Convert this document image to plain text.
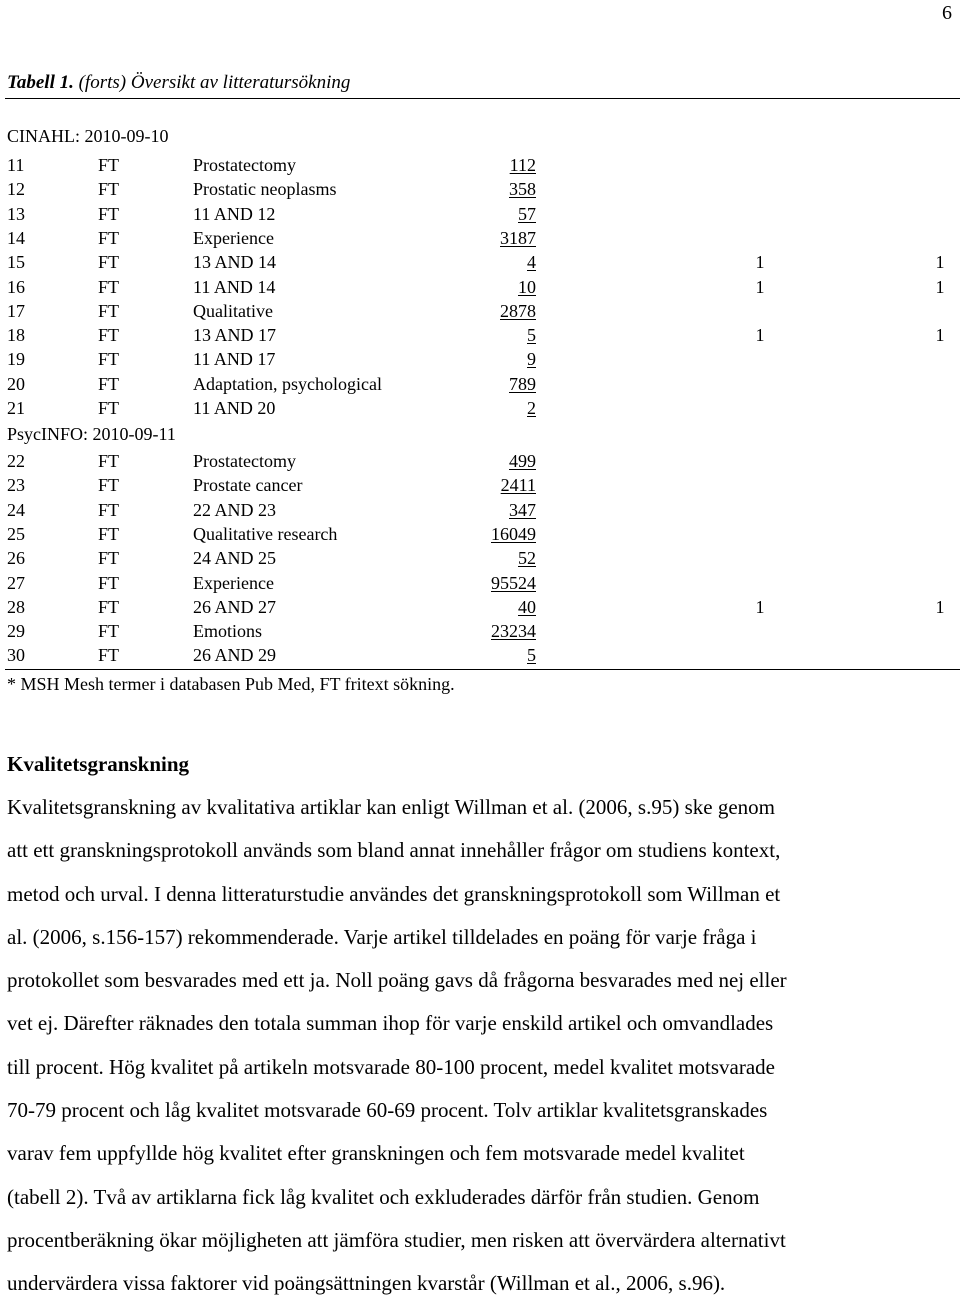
6
Tabell 1. (forts) Översikt av litteratursökning
CINAHL: 2010-09-10
11	FT	Prostatectomy	112
12	FT	Prostatic neoplasms	358
13	FT	11 AND 12	57
14	FT	Experience	3187
15	FT	13 AND 14	4	1	1
16	FT	11 AND 14	10	1	1
17	FT	Qualitative	2878
18	FT	13 AND 17	5	1	1
19	FT	11 AND 17	9
20	FT	Adaptation, psychological	789
21	FT	11 AND 20	2
PsycINFO: 2010-09-11
22	FT	Prostatectomy	499
23	FT	Prostate cancer	2411
24	FT	22 AND 23	347
25	FT	Qualitative research	16049
26	FT	24 AND 25	52
27	FT	Experience	95524
28	FT	26 AND 27	40	1	1
29	FT	Emotions	23234
30	FT	26 AND 29	5
* MSH Mesh termer i databasen Pub Med, FT fritext sökning.
Kvalitetsgranskning
Kvalitetsgranskning av kvalitativa artiklar kan enligt Willman et al. (2006, s.95) ske genom
att ett granskningsprotokoll används som bland annat innehåller frågor om studiens kontext,
metod och urval. I denna litteraturstudie användes det granskningsprotokoll som Willman et
al. (2006, s.156-157) rekommenderade. Varje artikel tilldelades en poäng för varje fråga i
protokollet som besvarades med ett ja. Noll poäng gavs då frågorna besvarades med nej eller
vet ej. Därefter räknades den totala summan ihop för varje enskild artikel och omvandlades
till procent. Hög kvalitet på artikeln motsvarade 80-100 procent, medel kvalitet motsvarade
70-79 procent och låg kvalitet motsvarade 60-69 procent. Tolv artiklar kvalitetsgranskades
varav fem uppfyllde hög kvalitet efter granskningen och fem motsvarade medel kvalitet
(tabell 2). Två av artiklarna fick låg kvalitet och exkluderades därför från studien. Genom
procentberäkning ökar möjligheten att jämföra studier, men risken att övervärdera alternativt
undervärdera vissa faktorer vid poängsättningen kvarstår (Willman et al., 2006, s.96).
